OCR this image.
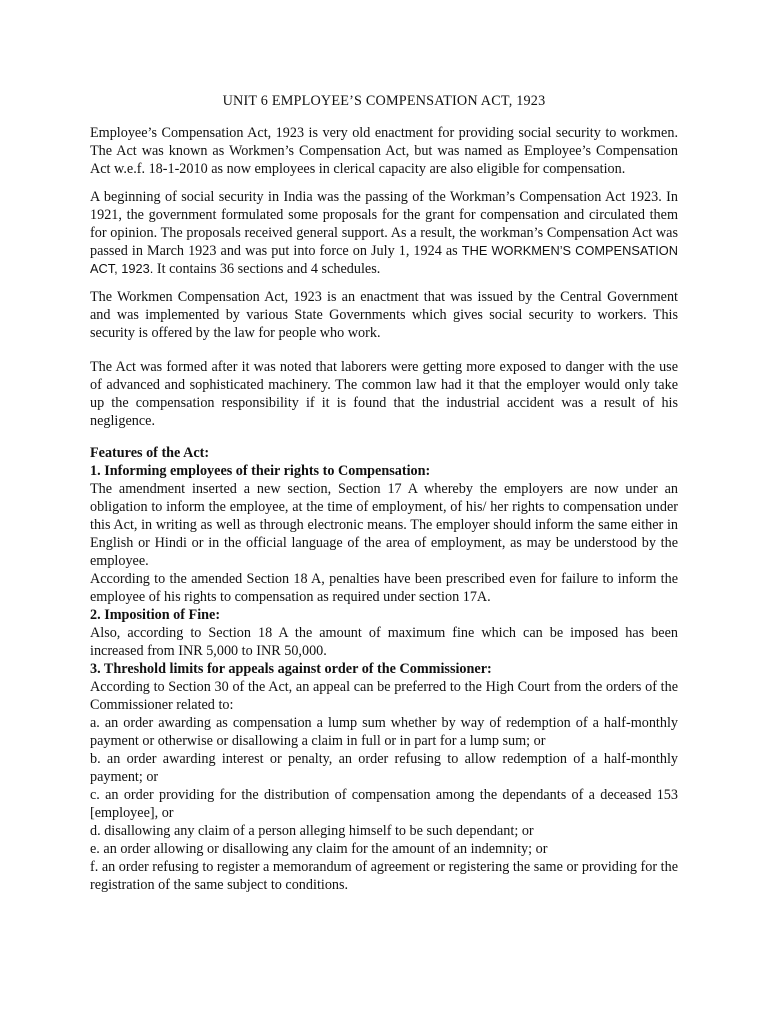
UNIT 6 EMPLOYEE’S COMPENSATION ACT, 1923

Employee’s Compensation Act, 1923 is very old enactment for providing social security to workmen. The Act was known as Workmen’s Compensation Act, but was named as Employee’s Compensation Act w.e.f. 18-1-2010 as now employees in clerical capacity are also eligible for compensation.

A beginning of social security in India was the passing of the Workman’s Compensation Act 1923. In 1921, the government formulated some proposals for the grant for compensation and circulated them for opinion. The proposals received general support. As a result, the workman’s Compensation Act was passed in March 1923 and was put into force on July 1, 1924 as THE WORKMEN’S COMPENSATION ACT, 1923. It contains 36 sections and 4 schedules.

The Workmen Compensation Act, 1923 is an enactment that was issued by the Central Government and was implemented by various State Governments which gives social security to workers. This security is offered by the law for people who work.

The Act was formed after it was noted that laborers were getting more exposed to danger with the use of advanced and sophisticated machinery. The common law had it that the employer would only take up the compensation responsibility if it is found that the industrial accident was a result of his negligence.

Features of the Act:

1. Informing employees of their rights to Compensation:

The amendment inserted a new section, Section 17 A whereby the employers are now under an obligation to inform the employee, at the time of employment, of his/ her rights to compensation under this Act, in writing as well as through electronic means. The employer should inform the same either in English or Hindi or in the official language of the area of employment, as may be understood by the employee.

According to the amended Section 18 A, penalties have been prescribed even for failure to inform the employee of his rights to compensation as required under section 17A.

2. Imposition of Fine:

Also, according to Section 18 A the amount of maximum fine which can be imposed has been increased from INR 5,000 to INR 50,000.

3. Threshold limits for appeals against order of the Commissioner:

According to Section 30 of the Act, an appeal can be preferred to the High Court from the orders of the Commissioner related to:

a. an order awarding as compensation a lump sum whether by way of redemption of a half-monthly payment or otherwise or disallowing a claim in full or in part for a lump sum; or

b. an order awarding interest or penalty, an order refusing to allow redemption of a half-monthly payment; or

c. an order providing for the distribution of compensation among the dependants of a deceased 153 [employee], or

d. disallowing any claim of a person alleging himself to be such dependant; or

e. an order allowing or disallowing any claim for the amount of an indemnity; or

f. an order refusing to register a memorandum of agreement or registering the same or providing for the registration of the same subject to conditions.
